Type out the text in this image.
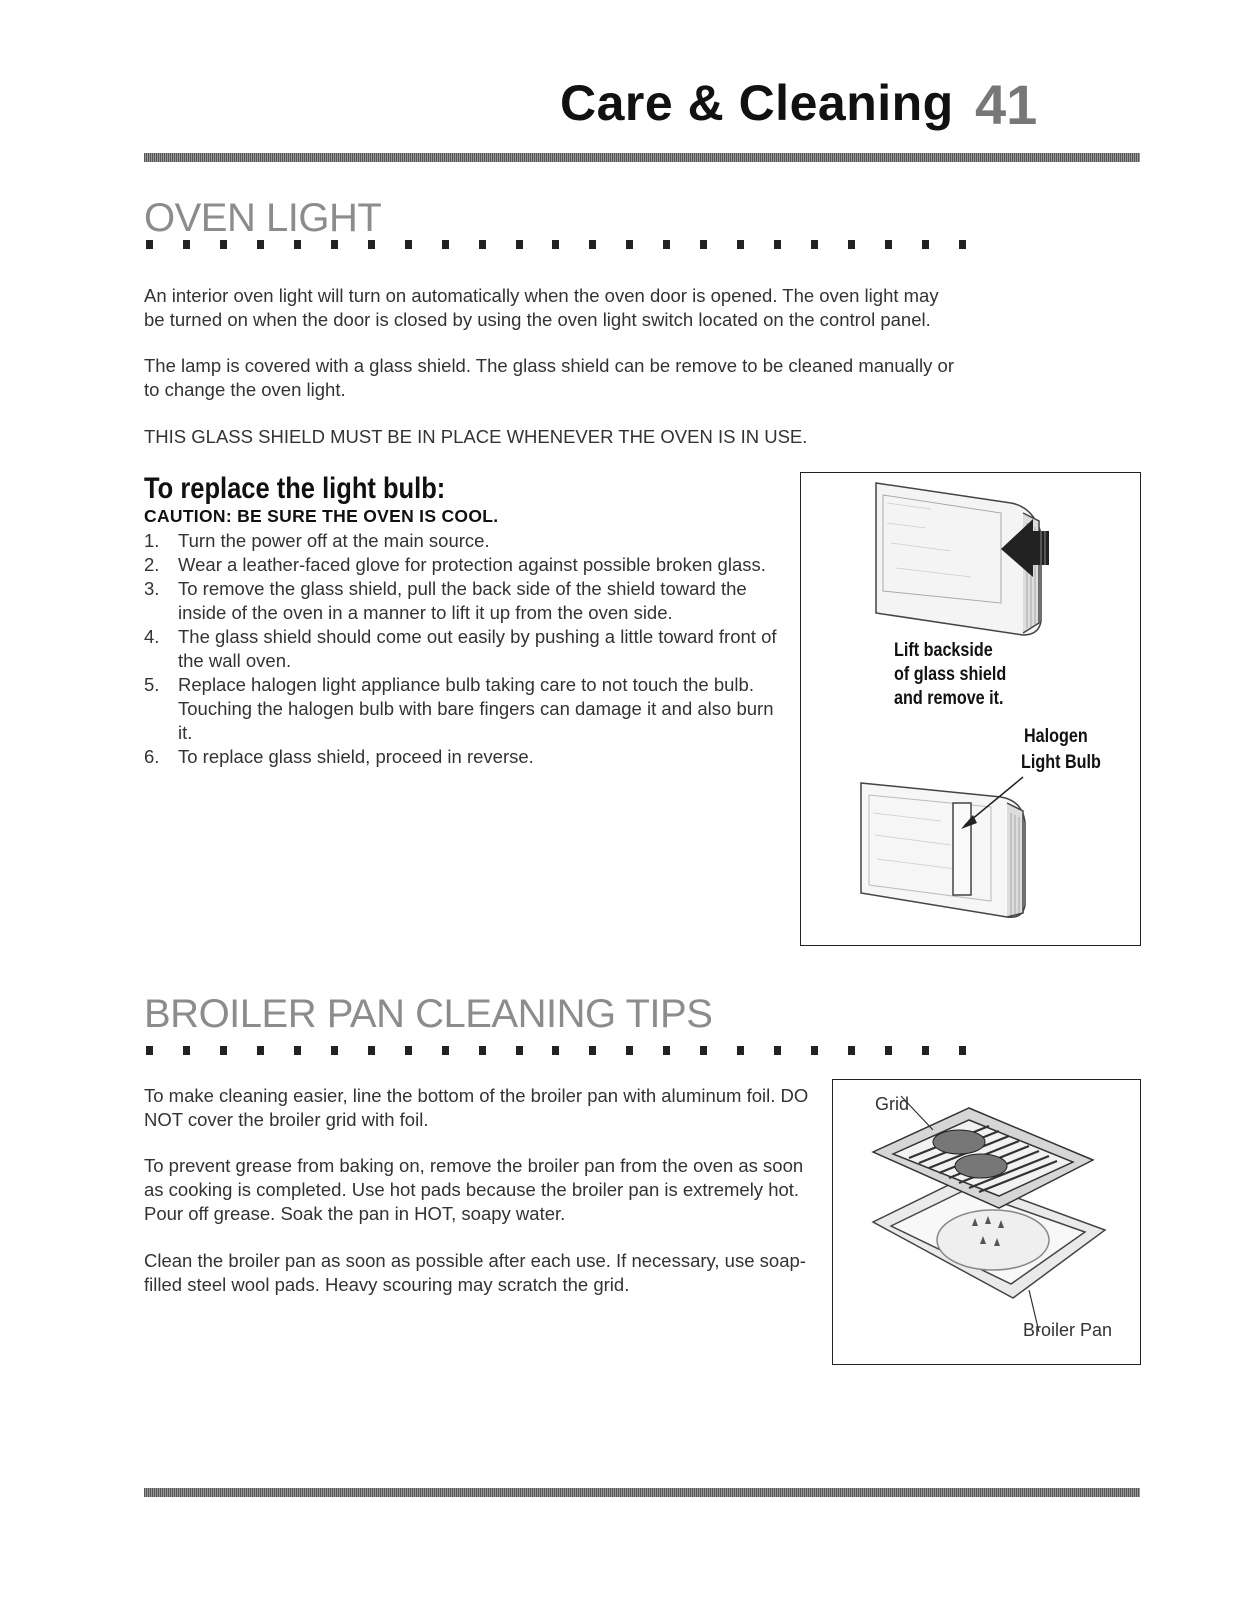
Care & Cleaning 41
OVEN LIGHT

An interior oven light will turn on automatically when the oven door is opened. The oven light may be turned on when the door is closed by using the oven light switch located on the control panel.

The lamp is covered with a glass shield. The glass shield can be remove to be cleaned manually or to change the oven light.

THIS GLASS SHIELD MUST BE IN PLACE WHENEVER THE OVEN IS IN USE.

To replace the light bulb:
CAUTION: BE SURE THE OVEN IS COOL.
1. Turn the power off at the main source.
2. Wear a leather-faced glove for protection against possible broken glass.
3. To remove the glass shield, pull the back side of the shield toward the inside of the oven in a manner to lift it up from the oven side.
4. The glass shield should come out easily by pushing a little toward front of the wall oven.
5. Replace halogen light appliance bulb taking care to not touch the bulb. Touching the halogen bulb with bare fingers can damage it and also burn it.
6. To replace glass shield, proceed in reverse.
Lift backside
of glass shield
and remove it.
Halogen
Light Bulb
BROILER PAN CLEANING TIPS

To make cleaning easier, line the bottom of the broiler pan with aluminum foil. DO NOT cover the broiler grid with foil.

To prevent grease from baking on, remove the broiler pan from the oven as soon as cooking is completed. Use hot pads because the broiler pan is extremely hot. Pour off grease. Soak the pan in HOT, soapy water.

Clean the broiler pan as soon as possible after each use. If necessary, use soap-filled steel wool pads. Heavy scouring may scratch the grid.

Grid
Broiler Pan
